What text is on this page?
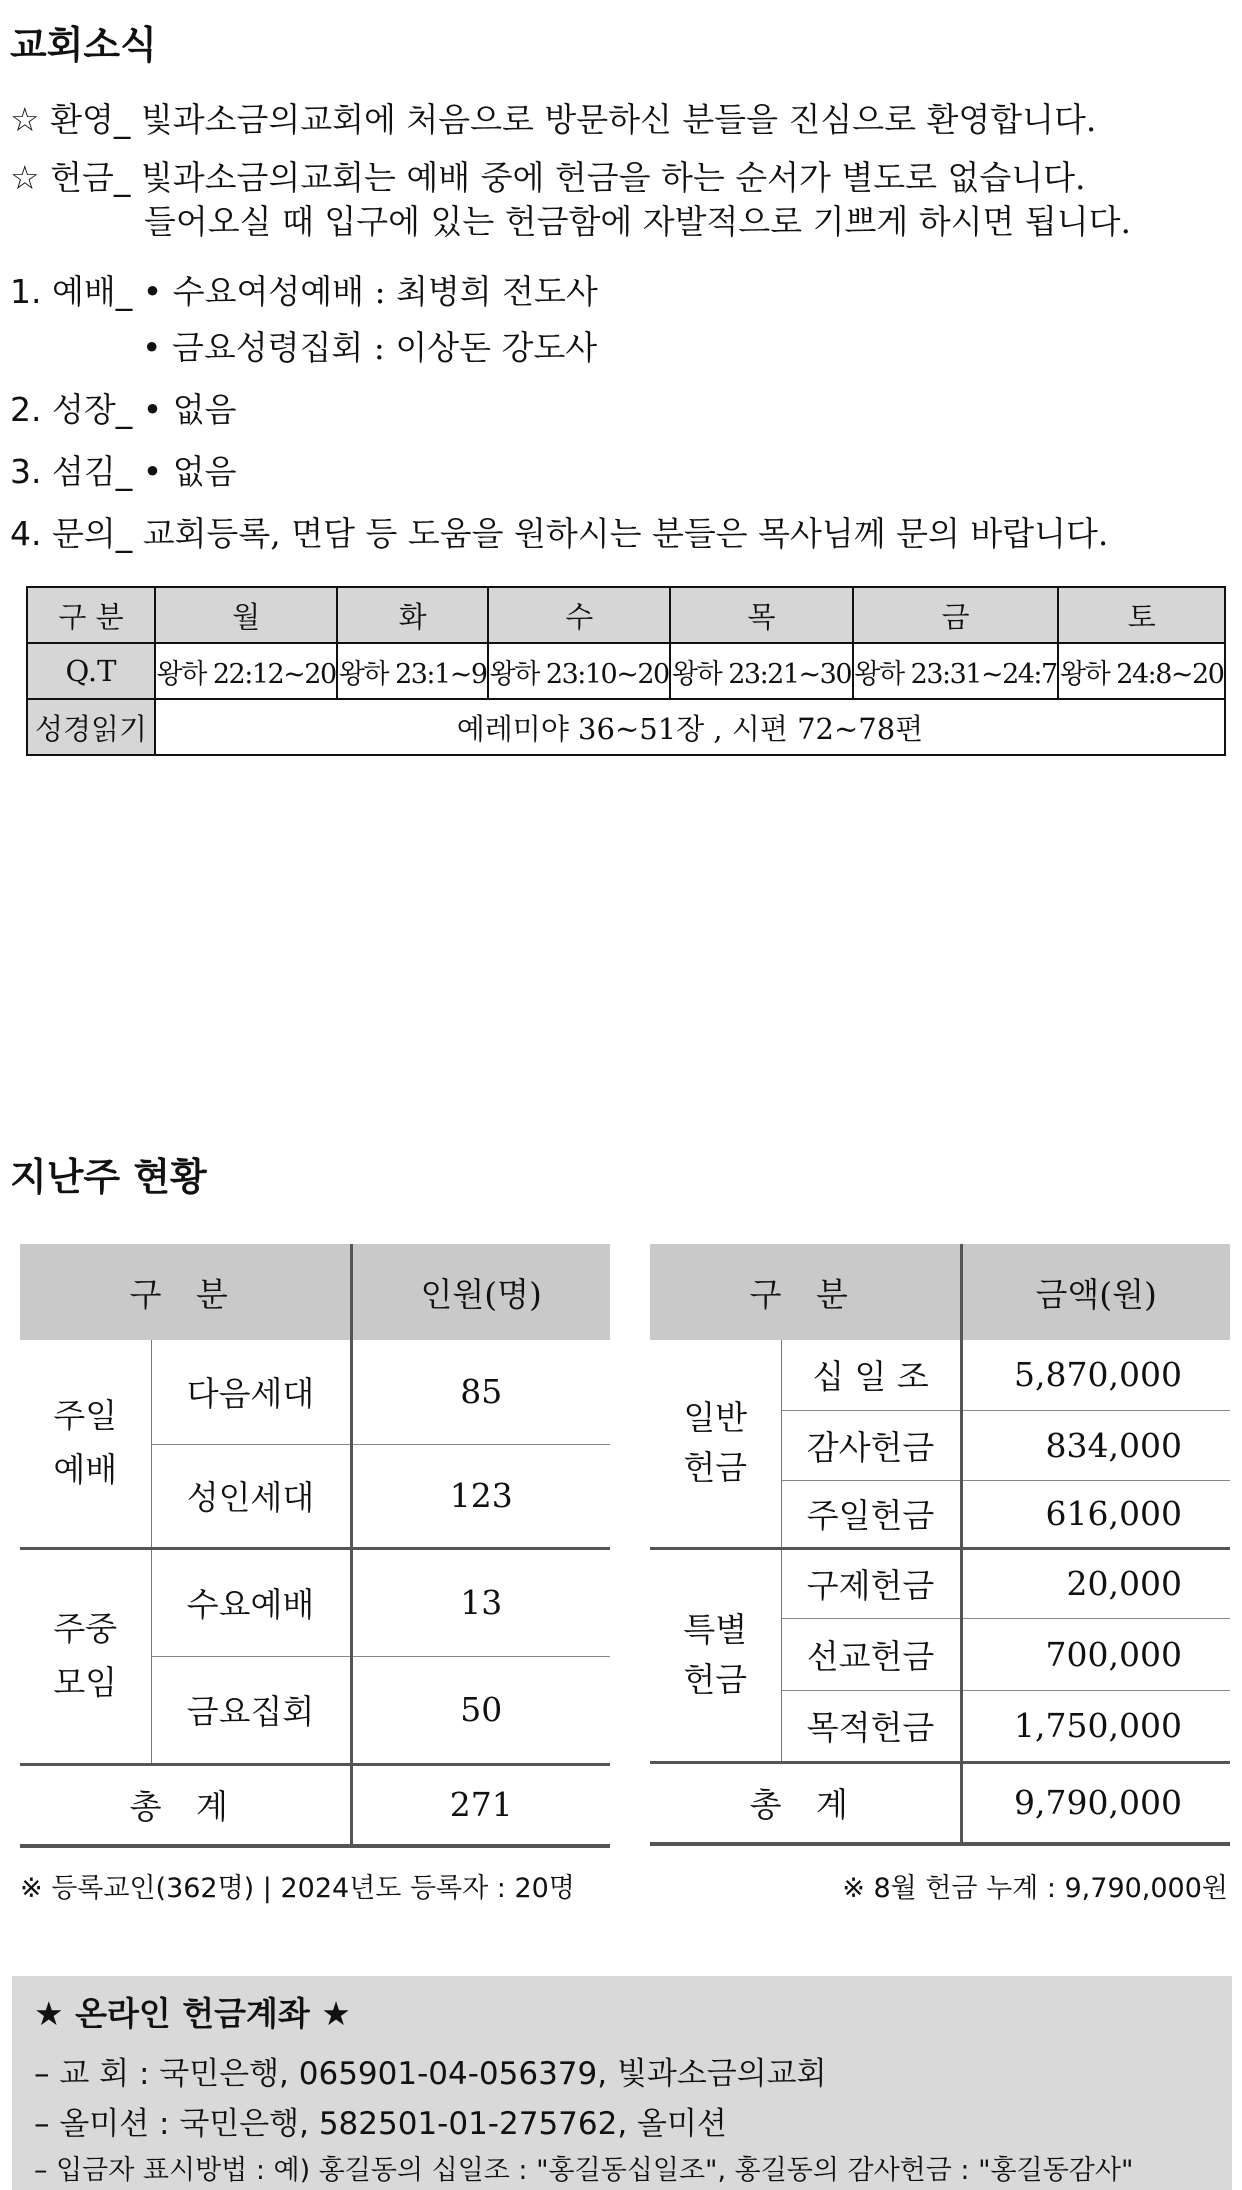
교회소식
☆ 환영_ 빛과소금의교회에 처음으로 방문하신 분들을 진심으로 환영합니다.
☆ 헌금_ 빛과소금의교회는 예배 중에 헌금을 하는 순서가 별도로 없습니다.
들어오실 때 입구에 있는 헌금함에 자발적으로 기쁘게 하시면 됩니다.
1. 예배_ • 수요여성예배 : 최병희 전도사
• 금요성령집회 : 이상돈 강도사
2. 성장_ • 없음
3. 섬김_ • 없음
4. 문의_ 교회등록, 면담 등 도움을 원하시는 분들은 목사님께 문의 바랍니다.
구 분	월	화	수	목	금	토
Q.T	왕하 22:12~20	왕하 23:1~9	왕하 23:10~20	왕하 23:21~30	왕하 23:31~24:7	왕하 24:8~20
성경읽기	예레미야 36~51장 , 시편 72~78편					
지난주 현황
구 분		인원(명)
주일
예배	다음세대	85
	성인세대	123
주중
모임	수요예배	13
	금요집회	50
총 계		271
구 분		금액(원)
일반
헌금	십 일 조	5,870,000
	감사헌금	834,000
	주일헌금	616,000
특별
헌금	구제헌금	20,000
	선교헌금	700,000
	목적헌금	1,750,000
총 계		9,790,000
※ 등록교인(362명) | 2024년도 등록자 : 20명	※ 8월 헌금 누계 : 9,790,000원
★ 온라인 헌금계좌 ★
– 교 회 : 국민은행, 065901-04-056379, 빛과소금의교회
– 올미션 : 국민은행, 582501-01-275762, 올미션
– 입금자 표시방법 : 예) 홍길동의 십일조 : "홍길동십일조", 홍길동의 감사헌금 : "홍길동감사"
